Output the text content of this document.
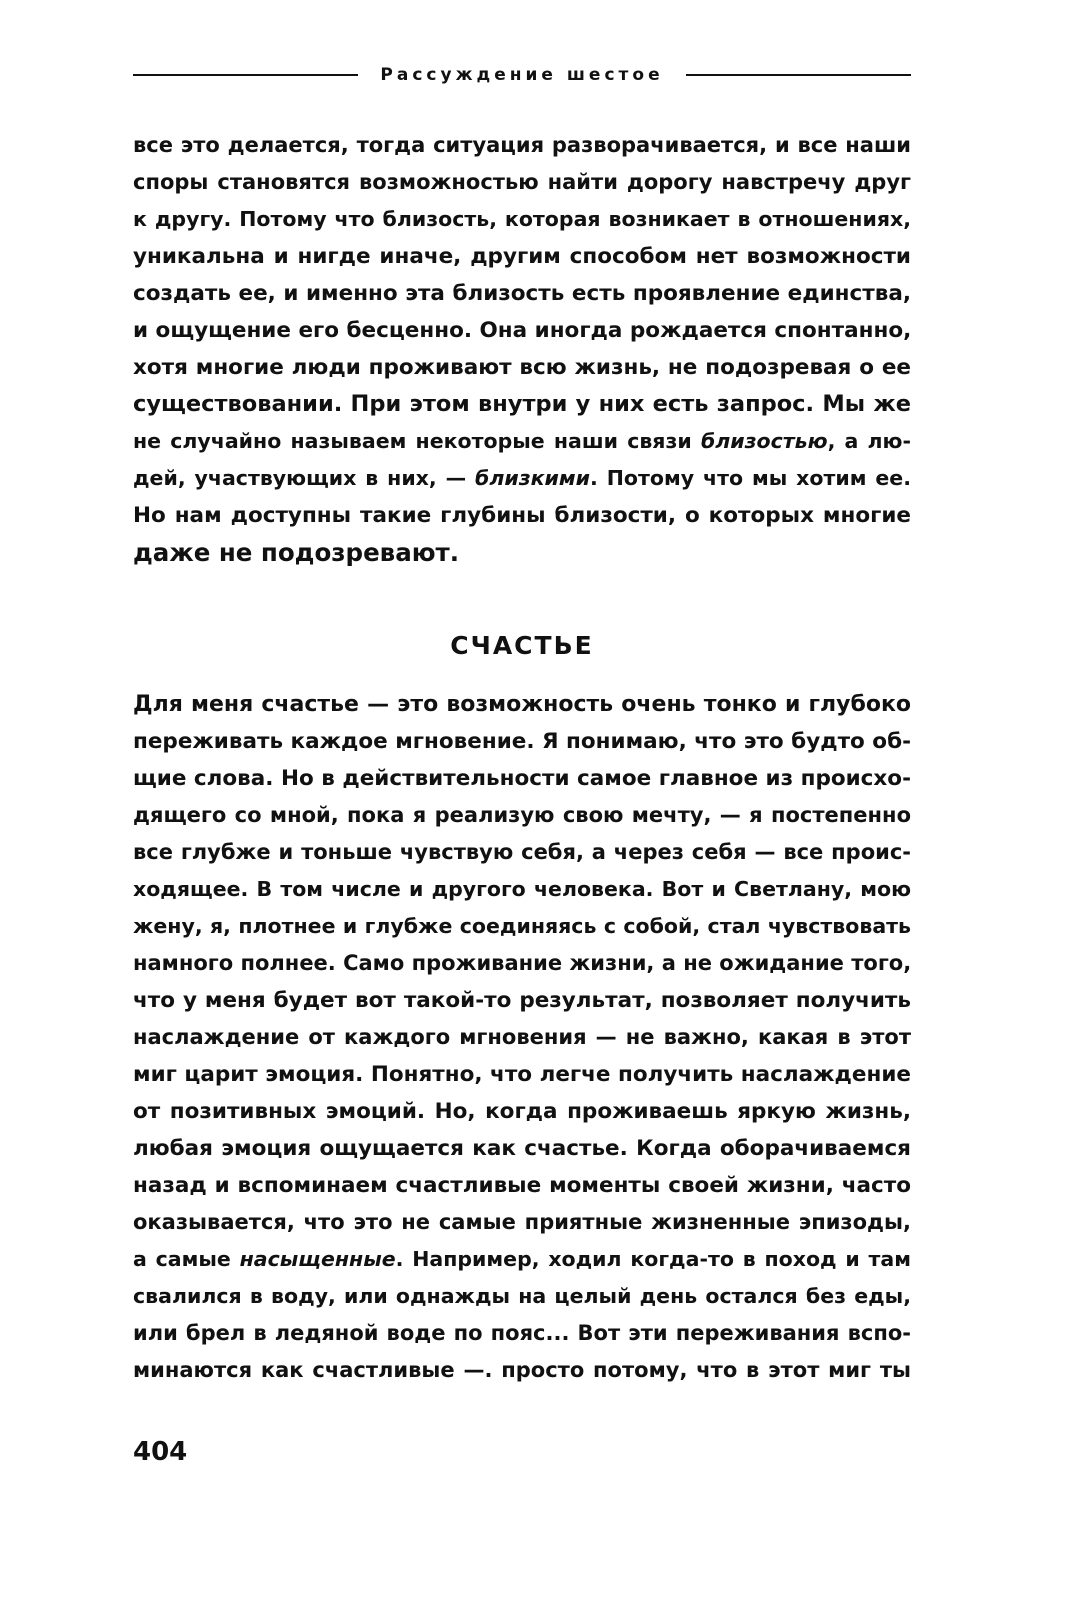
Рассуждение шестое
все это делается, тогда ситуация разворачивается, и все наши
споры становятся возможностью найти дорогу навстречу друг
к другу. Потому что близость, которая возникает в отношениях,
уникальна и нигде иначе, другим способом нет возможности
создать ее, и именно эта близость есть проявление единства,
и ощущение его бесценно. Она иногда рождается спонтанно,
хотя многие люди проживают всю жизнь, не подозревая о ее
существовании. При этом внутри у них есть запрос. Мы же
не случайно называем некоторые наши связи близостью, а лю-
дей, участвующих в них, — близкими. Потому что мы хотим ее.
Но нам доступны такие глубины близости, о которых многие
даже не подозревают.
СЧАСТЬЕ
Для меня счастье — это возможность очень тонко и глубоко
переживать каждое мгновение. Я понимаю, что это будто об-
щие слова. Но в действительности самое главное из происхо-
дящего со мной, пока я реализую свою мечту, — я постепенно
все глубже и тоньше чувствую себя, а через себя — все проис-
ходящее. В том числе и другого человека. Вот и Светлану, мою
жену, я, плотнее и глубже соединяясь с собой, стал чувствовать
намного полнее. Само проживание жизни, а не ожидание того,
что у меня будет вот такой-то результат, позволяет получить
наслаждение от каждого мгновения — не важно, какая в этот
миг царит эмоция. Понятно, что легче получить наслаждение
от позитивных эмоций. Но, когда проживаешь яркую жизнь,
любая эмоция ощущается как счастье. Когда оборачиваемся
назад и вспоминаем счастливые моменты своей жизни, часто
оказывается, что это не самые приятные жизненные эпизоды,
а самые насыщенные. Например, ходил когда-то в поход и там
свалился в воду, или однажды на целый день остался без еды,
или брел в ледяной воде по пояс... Вот эти переживания вспо-
минаются как счастливые —. просто потому, что в этот миг ты
404
